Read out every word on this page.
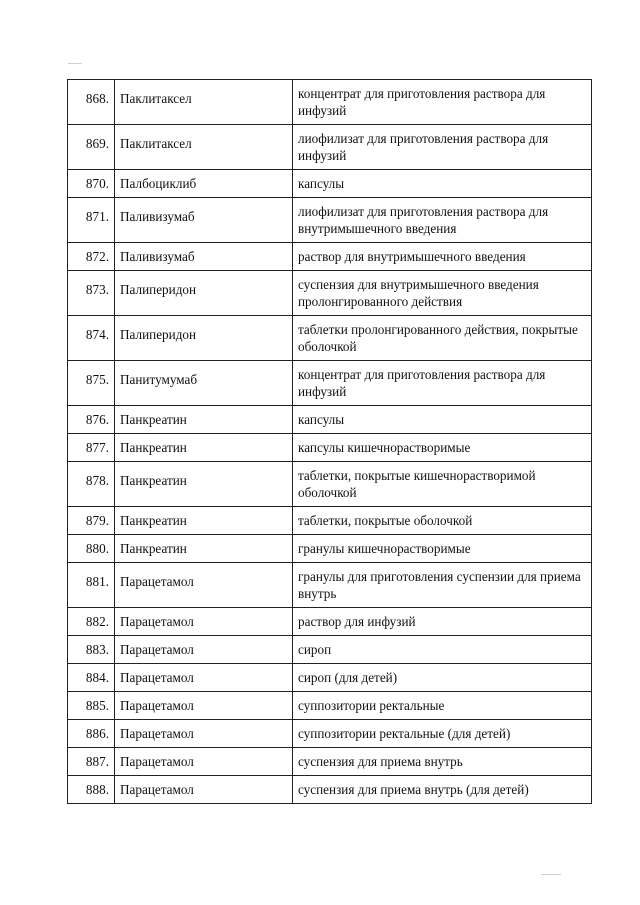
868.	Паклитаксел	концентрат для приготовления раствора для инфузий

869.	Паклитаксел	лиофилизат для приготовления раствора для инфузий

870.	Палбоциклиб	капсулы

871.	Паливизумаб	лиофилизат для приготовления раствора для внутримышечного введения

872.	Паливизумаб	раствор для внутримышечного введения

873.	Палиперидон	суспензия для внутримышечного введения пролонгированного действия

874.	Палиперидон	таблетки пролонгированного действия, покрытые оболочкой

875.	Панитумумаб	концентрат для приготовления раствора для инфузий

876.	Панкреатин	капсулы

877.	Панкреатин	капсулы кишечнорастворимые

878.	Панкреатин	таблетки, покрытые кишечнорастворимой оболочкой

879.	Панкреатин	таблетки, покрытые оболочкой

880.	Панкреатин	гранулы кишечнорастворимые

881.	Парацетамол	гранулы для приготовления суспензии для приема внутрь

882.	Парацетамол	раствор для инфузий

883.	Парацетамол	сироп

884.	Парацетамол	сироп (для детей)

885.	Парацетамол	суппозитории ректальные

886.	Парацетамол	суппозитории ректальные (для детей)

887.	Парацетамол	суспензия для приема внутрь

888.	Парацетамол	суспензия для приема внутрь (для детей)
